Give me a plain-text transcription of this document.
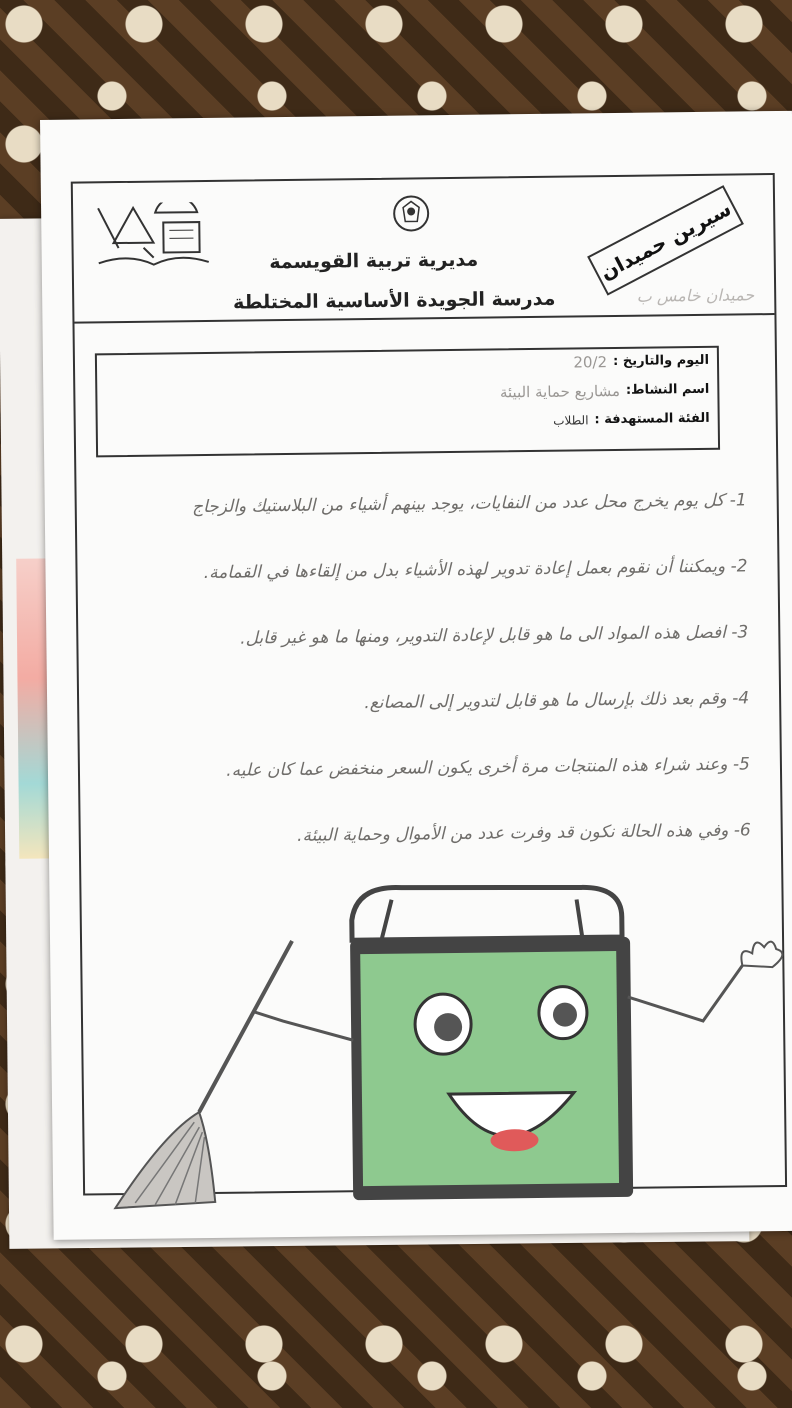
مديرية تربية القويسمة
مدرسة الجويدة الأساسية المختلطة
سيرين حميدان
حميدان خامس ب
اليوم والتاريخ :
20/2
اسم النشاط:
مشاريع حماية البيئة
الفئة المستهدفة :
الطلاب
1- كل يوم يخرج محل عدد من النفايات، يوجد بينهم أشياء من البلاستيك والزجاج
2- ويمكننا أن نقوم بعمل إعادة تدوير لهذه الأشياء بدل من إلقاءها في القمامة.
3- افصل هذه المواد الى ما هو قابل لإعادة التدوير، ومنها ما هو غير قابل.
4- وقم بعد ذلك بإرسال ما هو قابل لتدوير إلى المصانع.
5- وعند شراء هذه المنتجات مرة أخرى يكون السعر منخفض عما كان عليه.
6- وفي هذه الحالة نكون قد وفرت عدد من الأموال وحماية البيئة.
